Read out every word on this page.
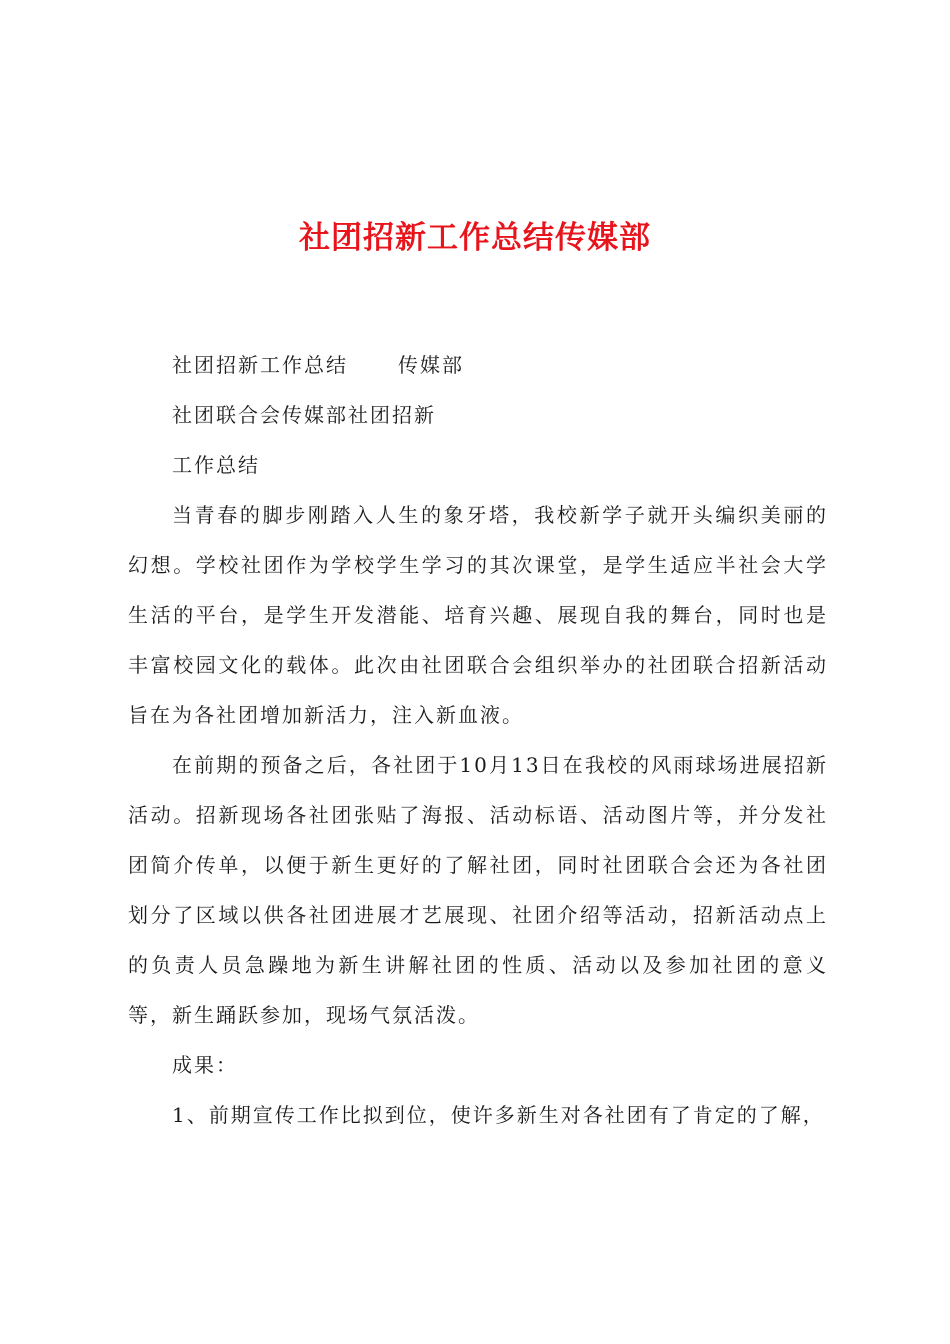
社团招新工作总结传媒部

社团招新工作总结	传媒部

社团联合会传媒部社团招新

工作总结

当青春的脚步刚踏入人生的象牙塔，我校新学子就开头编织美丽的幻想。学校社团作为学校学生学习的其次课堂，是学生适应半社会大学生活的平台，是学生开发潜能、培育兴趣、展现自我的舞台，同时也是丰富校园文化的载体。此次由社团联合会组织举办的社团联合招新活动旨在为各社团增加新活力，注入新血液。

在前期的预备之后，各社团于10月13日在我校的风雨球场进展招新活动。招新现场各社团张贴了海报、活动标语、活动图片等，并分发社团简介传单，以便于新生更好的了解社团，同时社团联合会还为各社团划分了区域以供各社团进展才艺展现、社团介绍等活动，招新活动点上的负责人员急躁地为新生讲解社团的性质、活动以及参加社团的意义等，新生踊跃参加，现场气氛活泼。

成果：

1、前期宣传工作比拟到位，使许多新生对各社团有了肯定的了解，
